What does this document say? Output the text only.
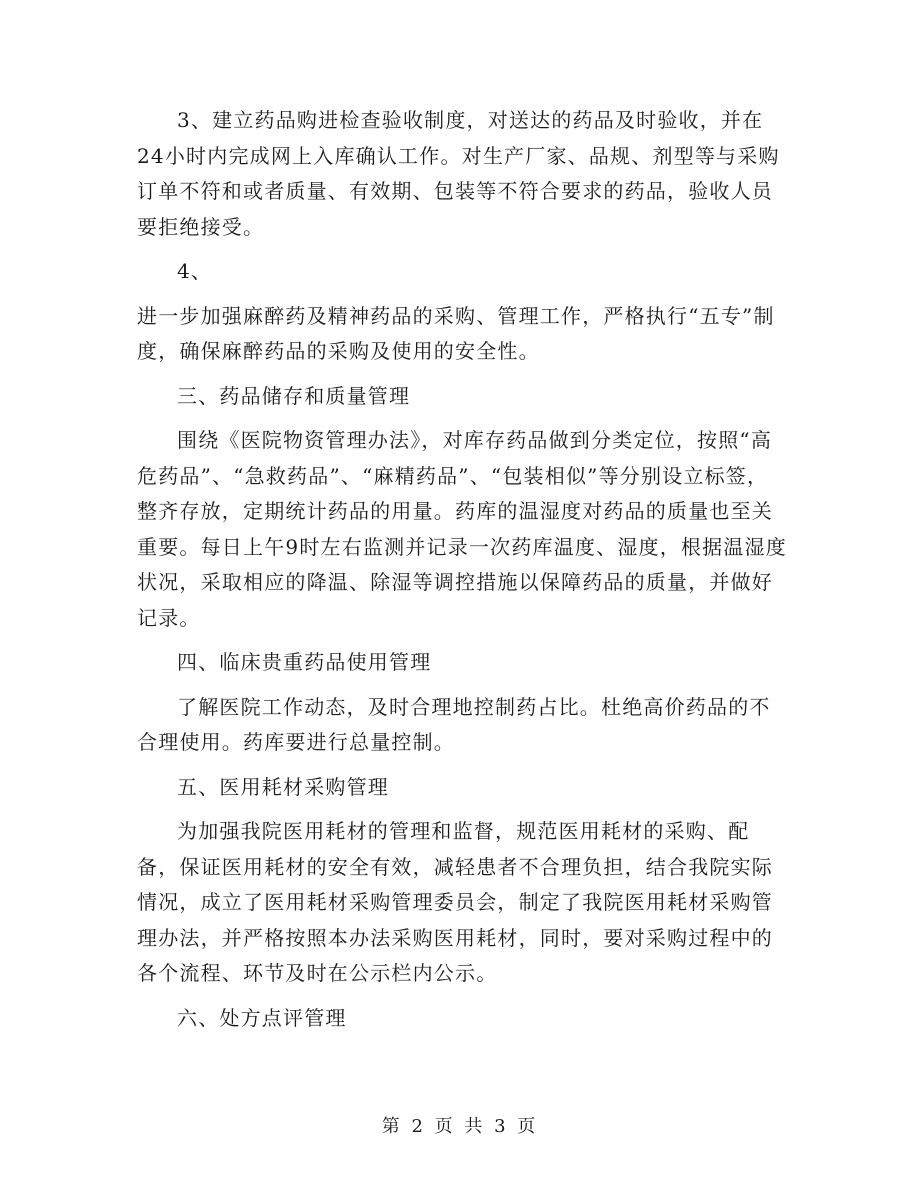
3、建立药品购进检查验收制度，对送达的药品及时验收，并在24小时内完成网上入库确认工作。对生产厂家、品规、剂型等与采购订单不符和或者质量、有效期、包装等不符合要求的药品，验收人员要拒绝接受。

4、

进一步加强麻醉药及精神药品的采购、管理工作，严格执行“五专”制度，确保麻醉药品的采购及使用的安全性。

三、药品储存和质量管理

围绕《医院物资管理办法》，对库存药品做到分类定位，按照“高危药品”、“急救药品”、“麻精药品”、“包装相似”等分别设立标签，整齐存放，定期统计药品的用量。药库的温湿度对药品的质量也至关重要。每日上午9时左右监测并记录一次药库温度、湿度，根据温湿度状况，采取相应的降温、除湿等调控措施以保障药品的质量，并做好记录。

四、临床贵重药品使用管理

了解医院工作动态，及时合理地控制药占比。杜绝高价药品的不合理使用。药库要进行总量控制。

五、医用耗材采购管理

为加强我院医用耗材的管理和监督，规范医用耗材的采购、配备，保证医用耗材的安全有效，减轻患者不合理负担，结合我院实际情况，成立了医用耗材采购管理委员会，制定了我院医用耗材采购管理办法，并严格按照本办法采购医用耗材，同时，要对采购过程中的各个流程、环节及时在公示栏内公示。

六、处方点评管理

第 2 页 共 3 页
